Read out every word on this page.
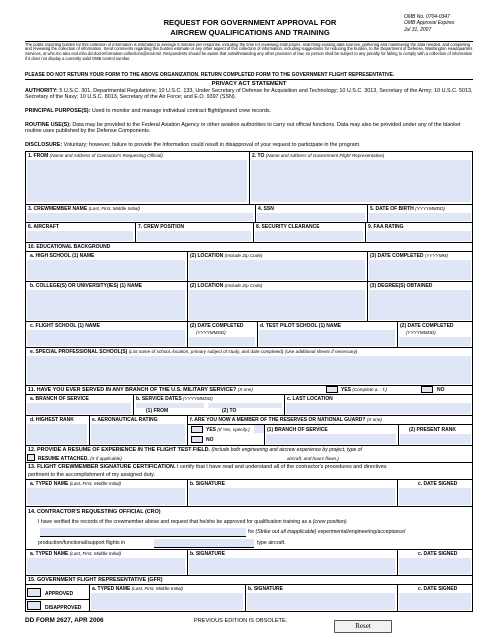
REQUEST FOR GOVERNMENT APPROVAL FOR
AIRCREW QUALIFICATIONS AND TRAINING
OMB No. 0704-0347
OMB Approval Expires
Jul 31, 2007
The public reporting burden for this collection of information is estimated to average 5 minutes per response, including the time for reviewing instructions, searching existing data sources, gathering and maintaining the data needed, and completing and reviewing the collection of information. Send comments regarding this burden estimate or any other aspect of this collection of information, including suggestions for reducing the burden, to the Department of Defense, Washington Headquarters Services, at whs.mc-alex.esd.mbx.dd-dod-information-collections@mail.mil. Respondents should be aware that notwithstanding any other provision of law, no person shall be subject to any penalty for failing to comply with a collection of information if it does not display a currently valid OMB control number.
PLEASE DO NOT RETURN YOUR FORM TO THE ABOVE ORGANIZATION. RETURN COMPLETED FORM TO THE GOVERNMENT FLIGHT REPRESENTATIVE.
PRIVACY ACT STATEMENT
AUTHORITY: 5 U.S.C. 301, Departmental Regulations; 10 U.S.C. 133, Under Secretary of Defense for Acquisition and Technology; 10 U.S.C. 3013, Secretary of the Army; 10 U.S.C. 5013, Secretary of the Navy; 10 U.S.C. 8013, Secretary of the Air Force; and E.O. 9397 (SSN).
PRINCIPAL PURPOSE(S): Used to monitor and manage individual contract flight/ground crew records.
ROUTINE USE(S): Data may be provided to the Federal Aviation Agency or other aviation authorities to carry out official functions. Data may also be provided under any of the blanket routine uses published by the Defense Components.
DISCLOSURE: Voluntary; however, failure to provide the information could result in disapproval of your request to participate in the program.
1. FROM (Name and Address of Contractor's Requesting Official)	2. TO (Name and Address of Government Flight Representative)
3. CREWMEMBER NAME (Last, First, Middle Initial)	4. SSN	5. DATE OF BIRTH (YYYYMMDD)
6. AIRCRAFT	7. CREW POSITION	8. SECURITY CLEARANCE	9. FAA RATING
10. EDUCATIONAL BACKGROUND
a. HIGH SCHOOL (1) NAME	(2) LOCATION (Include Zip Code)	(3) DATE COMPLETED (YYYYMM)
b. COLLEGE(S) OR UNIVERSITY(IES) (1) NAME	(2) LOCATION (Include Zip Code)	(3) DEGREE(S) OBTAINED
c. FLIGHT SCHOOL (1) NAME	(2) DATE COMPLETED
(YYYYMMDD)
d. TEST PILOT SCHOOL (1) NAME	(2) DATE COMPLETED
(YYYYMMDD)
e. SPECIAL PROFESSIONAL SCHOOL(S) (List name of school, location, primary subject of study, and date completed) (Use additional sheets if necessary)
11. HAVE YOU EVER SERVED IN ANY BRANCH OF THE U.S. MILITARY SERVICE? (X one)	YES (Complete a. - f.)	NO
a. BRANCH OF SERVICE	b. SERVICE DATES (YYYYMMDD)
(1) FROM	(2) TO
c. LAST LOCATION
d. HIGHEST RANK	e. AERONAUTICAL RATING	f. ARE YOU NOW A MEMBER OF THE RESERVES OR NATIONAL GUARD? (X one)
YES (If Yes, specify.)
NO
(1) BRANCH OF SERVICE	(2) PRESENT RANK
12. PROVIDE A RESUME OF EXPERIENCE IN THE FLIGHT TEST FIELD. (Include both engineering and aircrew experience by project, type of
RESUME ATTACHED. (X if applicable)	aircraft, and hours flown.)
13. FLIGHT CREWMEMBER SIGNATURE CERTIFICATION. I certify that I have read and understand all of the contractor's procedures and directives
pertinent to the accomplishment of my assigned duty.
a. TYPED NAME (Last, First, Middle Initial)	b. SIGNATURE	c. DATE SIGNED
14. CONTRACTOR'S REQUESTING OFFICIAL (CRO)
I have verified the records of the crewmember above and request that he/she be approved for qualification training as a (crew position)
for (Strike out all inapplicable) experimental/engineering/acceptance/
production/functional/support flights in	type aircraft.
a. TYPED NAME (Last, First, Middle Initial)	b. SIGNATURE	c. DATE SIGNED
15. GOVERNMENT FLIGHT REPRESENTATIVE (GFR)
APPROVED
DISAPPROVED
a. TYPED NAME (Last, First, Middle Initial)	b. SIGNATURE	c. DATE SIGNED
DD FORM 2627, APR 2006	PREVIOUS EDITION IS OBSOLETE.
Reset
